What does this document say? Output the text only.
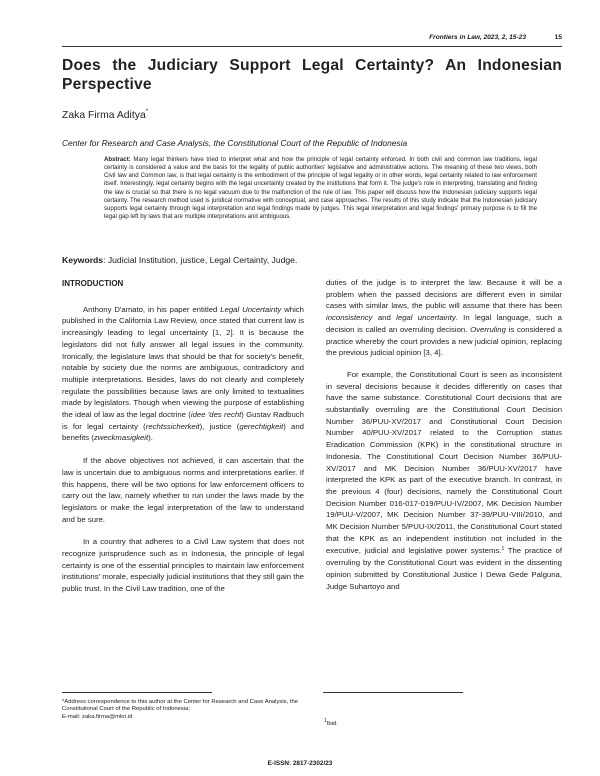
Frontiers in Law, 2023, 2, 15-23	15
Does the Judiciary Support Legal Certainty? An Indonesian Perspective
Zaka Firma Aditya*
Center for Research and Case Analysis, the Constitutional Court of the Republic of Indonesia
Abstract: Many legal thinkers have tried to interpret what and how the principle of legal certainty enforced. In both civil and common law traditions, legal certainty is considered a value and the basis for the legality of public authorities' legislative and administrative actions. The meaning of these two views, both Civil law and Common law, is that legal certainty is the embodiment of the principle of legal legality or in other words, legal certainty related to law enforcement itself. Interestingly, legal certainty begins with the legal uncertainty created by the institutions that form it. The judge's role in interpreting, translating and finding the law is crucial so that there is no legal vacuum due to the malfunction of the rule of law. This paper will discuss how the Indonesian judiciary supports legal certainty. The research method used is juridical normative with conceptual, and case approaches. The results of this study indicate that the Indonesian judiciary supports legal certainty through legal interpretation and legal findings made by judges. This legal interpretation and legal findings' primary purpose is to fill the legal gap left by laws that are multiple interpretations and ambiguous.
Keywords: Judicial Institution, justice, Legal Certainty, Judge.
INTRODUCTION

Anthony D'amato, in his paper entitled Legal Uncertainty which published in the California Law Review, once stated that current law is increasingly leading to legal uncertainty [1, 2]. It is because the legislators did not fully answer all legal issues in the community. Ironically, the legislature laws that should be that for society's benefit, notable by society due the norms are ambiguous, contradictory and multiple interpretations. Besides, laws do not clearly and completely regulate the possibilities because laws are only limited to textualities made by legislators. Though when viewing the purpose of establishing the ideal of law as the legal doctrine (idee 'des recht) Gustav Radbuch is for legal certainty (rechtssicherkeit), justice (gerechtigkeit) and benefits (zweckmasigkeit).

If the above objectives not achieved, it can ascertain that the law is uncertain due to ambiguous norms and interpretations earlier. If this happens, there will be two options for law enforcement officers to carry out the law, namely whether to run under the laws made by the legislators or make the legal interpretation of the law to understand and be sure.

In a country that adheres to a Civil Law system that does not recognize jurisprudence such as in Indonesia, the principle of legal certainty is one of the essential principles to maintain law enforcement institutions' morale, especially judicial institutions that they still gain the public trust. In the Civil Law tradition, one of the

duties of the judge is to interpret the law. Because it will be a problem when the passed decisions are different even in similar cases with similar laws, the public will assume that there has been inconsistency and legal uncertainty. In legal language, such a decision is called an overruling decision. Overruling is considered a practice whereby the court provides a new judicial opinion, replacing the previous judicial opinion [3, 4].

For example, the Constitutional Court is seen as inconsistent in several decisions because it decides differently on cases that have the same substance. Constitutional Court decisions that are substantially overruling are the Constitutional Court Decision Number 36/PUU-XV/2017 and Constitutional Court Decision Number 40/PUU-XV/2017 related to the Corruption status Eradication Commission (KPK) in the constitutional structure in Indonesia. The Constitutional Court Decision Number 36/PUU-XV/2017 and MK Decision Number 36/PUU-XV/2017 have interpreted the KPK as part of the executive branch. In contrast, in the previous 4 (four) decisions, namely the Constitutional Court Decision Number 016-017-019/PUU-IV/2007, MK Decision Number 19/PUU-V/2007, MK Decision Number 37-39/PUU-VIII/2010, and MK Decision Number 5/PUU-IX/2011, the Constitutional Court stated that the KPK as an independent institution not included in the executive, judicial and legislative power systems.$^1$ The practice of overruling by the Constitutional Court was evident in the dissenting opinion submitted by Constitutional Justice I Dewa Gede Palguna, Judge Suhartoyo and

*Address correspondence to this author at the Center for Research and Case Analysis, the Constitutional Court of the Republic of Indonesia;
E-mail: zaka.firma@mkri.id
$^1$Ibid.
E-ISSN: 2817-2302/23
